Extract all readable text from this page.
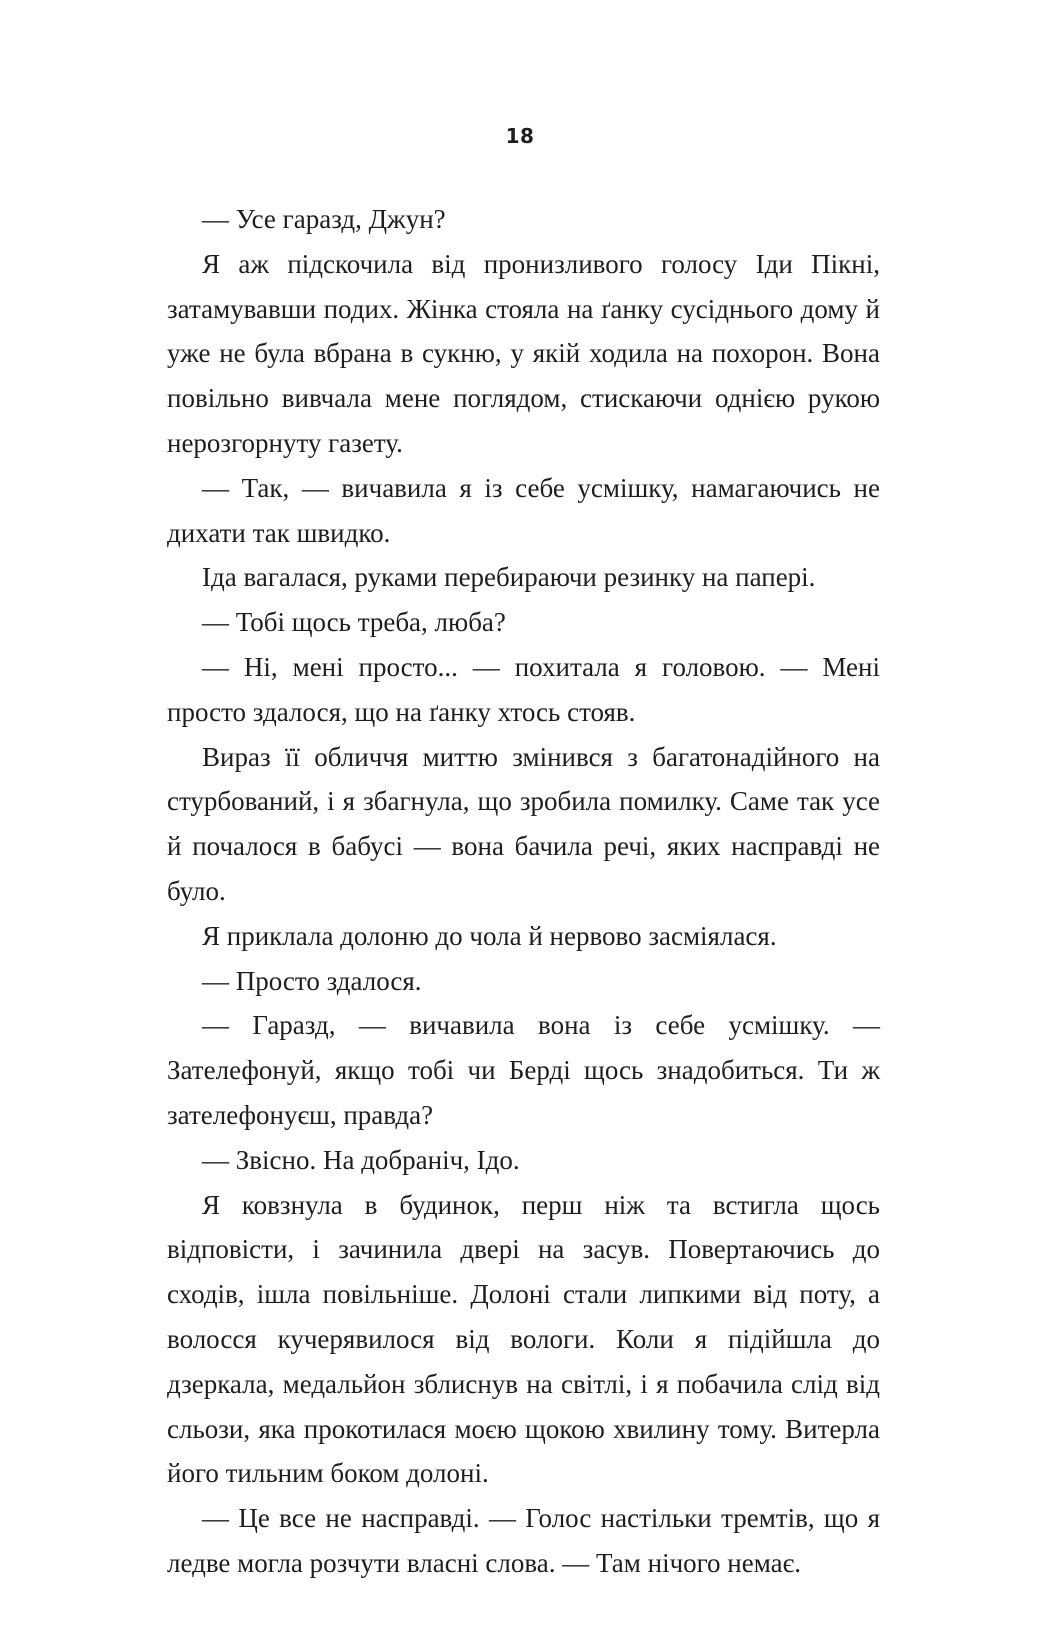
18

— Усе гаразд, Джун?

Я аж підскочила від пронизливого голосу Іди Пікні, затамувавши подих. Жінка стояла на ґанку сусіднього дому й уже не була вбрана в сукню, у якій ходила на похорон. Вона повільно вивчала мене поглядом, стискаючи однією рукою нерозгорнуту газету.

— Так, — вичавила я із себе усмішку, намагаючись не дихати так швидко.

Іда вагалася, руками перебираючи резинку на папері.

— Тобі щось треба, люба?

— Ні, мені просто... — похитала я головою. — Мені просто здалося, що на ґанку хтось стояв.

Вираз її обличчя миттю змінився з багатонадійного на стурбований, і я збагнула, що зробила помилку. Саме так усе й почалося в бабусі — вона бачила речі, яких насправді не було.

Я приклала долоню до чола й нервово засміялася.

— Просто здалося.

— Гаразд, — вичавила вона із себе усмішку. — Зателефонуй, якщо тобі чи Берді щось знадобиться. Ти ж зателефонуєш, правда?

— Звісно. На добраніч, Ідо.

Я ковзнула в будинок, перш ніж та встигла щось відповісти, і зачинила двері на засув. Повертаючись до сходів, ішла повільніше. Долоні стали липкими від поту, а волосся кучерявилося від вологи. Коли я підійшла до дзеркала, медальйон зблиснув на світлі, і я побачила слід від сльози, яка прокотилася моєю щокою хвилину тому. Витерла його тильним боком долоні.

— Це все не насправді. — Голос настільки тремтів, що я ледве могла розчути власні слова. — Там нічого немає.
